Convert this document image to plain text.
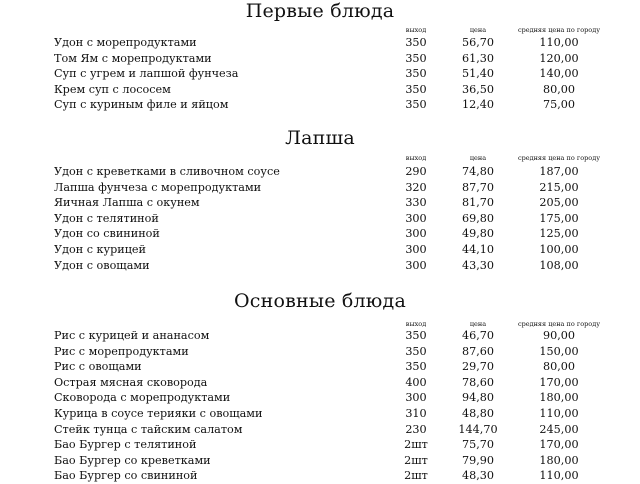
Первые блюда
выход	цена	средняя цена по городу
Удон с морепродуктами	350	56,70	110,00
Том Ям с морепродуктами	350	61,30	120,00
Суп с угрем и лапшой фунчеза	350	51,40	140,00
Крем суп с лососем	350	36,50	80,00
Суп с куриным филе и яйцом	350	12,40	75,00
Лапша
выход	цена	средняя цена по городу
Удон с креветками в сливочном соусе	290	74,80	187,00
Лапша фунчеза с морепродуктами	320	87,70	215,00
Яичная Лапша с окунем	330	81,70	205,00
Удон с телятиной	300	69,80	175,00
Удон со свининой	300	49,80	125,00
Удон с курицей	300	44,10	100,00
Удон с овощами	300	43,30	108,00
Основные блюда
выход	цена	средняя цена по городу
Рис с курицей и ананасом	350	46,70	90,00
Рис с морепродуктами	350	87,60	150,00
Рис с овощами	350	29,70	80,00
Острая мясная сковорода	400	78,60	170,00
Сковорода с морепродуктами	300	94,80	180,00
Курица в соусе терияки с овощами	310	48,80	110,00
Стейк тунца с тайским салатом	230	144,70	245,00
Бао Бургер с телятиной	2шт	75,70	170,00
Бао Бургер со креветками	2шт	79,90	180,00
Бао Бургер со свининой	2шт	48,30	110,00
